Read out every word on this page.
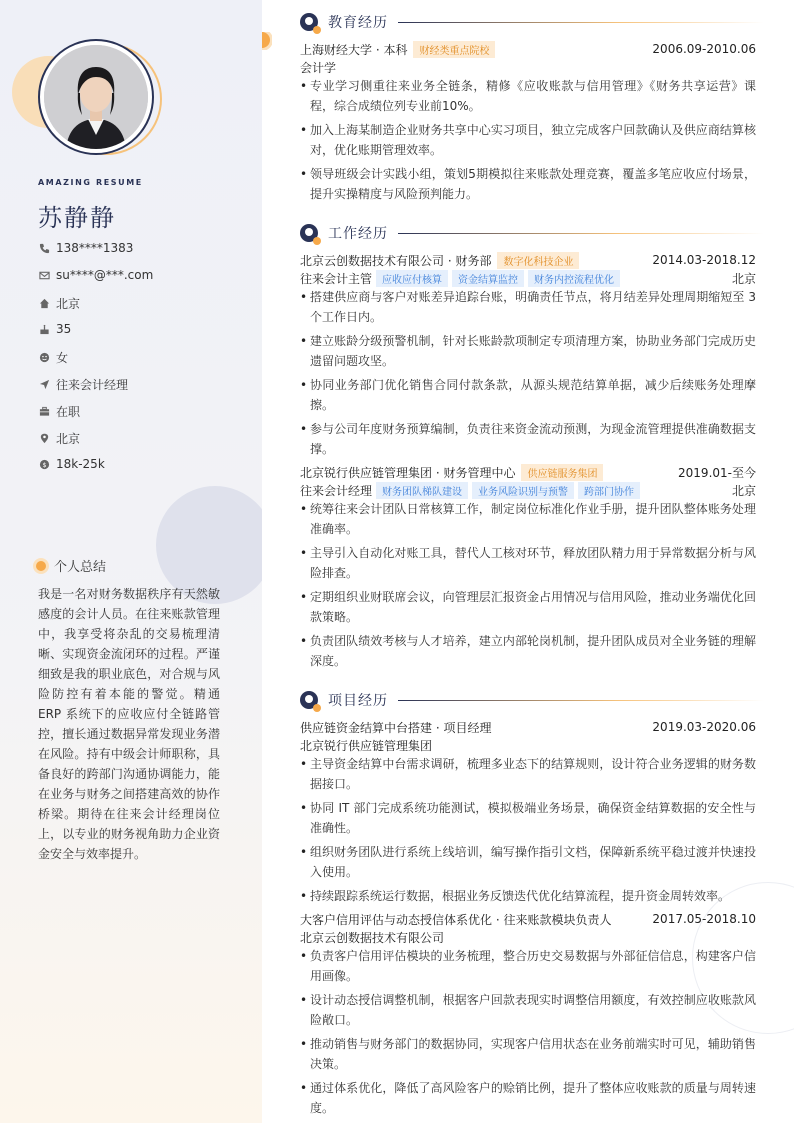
AMAZING RESUME
苏静静
138****1383
su****@***.com
北京
35
女
往来会计经理
在职
北京
$ 18k-25k
个人总结
我是一名对财务数据秩序有天然敏感度的会计人员。在往来账款管理中，我享受将杂乱的交易梳理清晰、实现资金流闭环的过程。严谨细致是我的职业底色，对合规与风险防控有着本能的警觉。精通 ERP 系统下的应收应付全链路管控，擅长通过数据异常发现业务潜在风险。持有中级会计师职称，具备良好的跨部门沟通协调能力，能在业务与财务之间搭建高效的协作桥梁。期待在往来会计经理岗位上，以专业的财务视角助力企业资金安全与效率提升。
教育经历
上海财经大学 · 本科	财经类重点院校	2006.09-2010.06
会计学
• 专业学习侧重往来业务全链条，精修《应收账款与信用管理》《财务共享运营》课程，综合成绩位列专业前10%。
• 加入上海某制造企业财务共享中心实习项目，独立完成客户回款确认及供应商结算核对，优化账期管理效率。
• 领导班级会计实践小组，策划5期模拟往来账款处理竞赛，覆盖多笔应收应付场景，提升实操精度与风险预判能力。
工作经历
北京云创数据技术有限公司 · 财务部	数字化科技企业	2014.03-2018.12
往来会计主管	应收应付核算	资金结算监控	财务内控流程优化	北京
• 搭建供应商与客户对账差异追踪台账，明确责任节点，将月结差异处理周期缩短至 3 个工作日内。
• 建立账龄分级预警机制，针对长账龄款项制定专项清理方案，协助业务部门完成历史遗留问题攻坚。
• 协同业务部门优化销售合同付款条款，从源头规范结算单据，减少后续账务处理摩擦。
• 参与公司年度财务预算编制，负责往来资金流动预测，为现金流管理提供准确数据支撑。
北京锐行供应链管理集团 · 财务管理中心	供应链服务集团	2019.01-至今
往来会计经理	财务团队梯队建设	业务风险识别与预警	跨部门协作	北京
• 统筹往来会计团队日常核算工作，制定岗位标准化作业手册，提升团队整体账务处理准确率。
• 主导引入自动化对账工具，替代人工核对环节，释放团队精力用于异常数据分析与风险排查。
• 定期组织业财联席会议，向管理层汇报资金占用情况与信用风险，推动业务端优化回款策略。
• 负责团队绩效考核与人才培养，建立内部轮岗机制，提升团队成员对全业务链的理解深度。
项目经历
供应链资金结算中台搭建 · 项目经理	2019.03-2020.06
北京锐行供应链管理集团
• 主导资金结算中台需求调研，梳理多业态下的结算规则，设计符合业务逻辑的财务数据接口。
• 协同 IT 部门完成系统功能测试，模拟极端业务场景，确保资金结算数据的安全性与准确性。
• 组织财务团队进行系统上线培训，编写操作指引文档，保障新系统平稳过渡并快速投入使用。
• 持续跟踪系统运行数据，根据业务反馈迭代优化结算流程，提升资金周转效率。
大客户信用评估与动态授信体系优化 · 往来账款模块负责人	2017.05-2018.10
北京云创数据技术有限公司
• 负责客户信用评估模块的业务梳理，整合历史交易数据与外部征信信息，构建客户信用画像。
• 设计动态授信调整机制，根据客户回款表现实时调整信用额度，有效控制应收账款风险敞口。
• 推动销售与财务部门的数据协同，实现客户信用状态在业务前端实时可见，辅助销售决策。
• 通过体系优化，降低了高风险客户的赊销比例，提升了整体应收账款的质量与周转速度。
